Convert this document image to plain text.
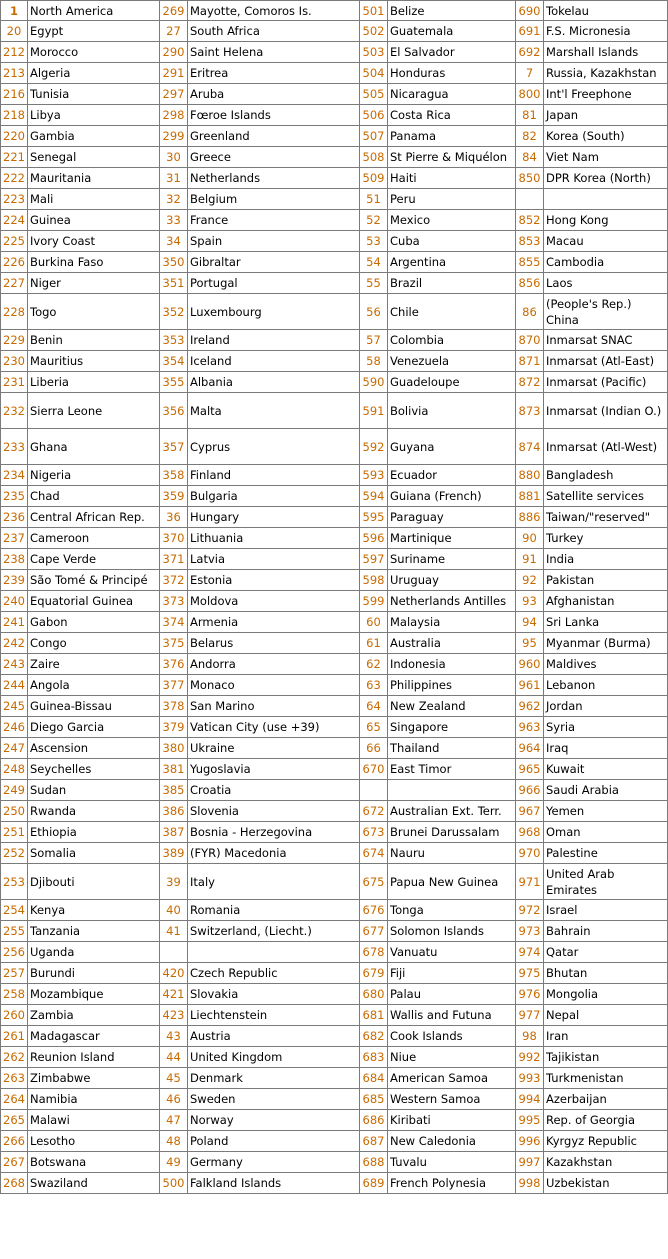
1	North America	269	Mayotte, Comoros Is.	501	Belize	690	Tokelau
20	Egypt	27	South Africa	502	Guatemala	691	F.S. Micronesia
212	Morocco	290	Saint Helena	503	El Salvador	692	Marshall Islands
213	Algeria	291	Eritrea	504	Honduras	7	Russia, Kazakhstan
216	Tunisia	297	Aruba	505	Nicaragua	800	Int'l Freephone
218	Libya	298	Fœroe Islands	506	Costa Rica	81	Japan
220	Gambia	299	Greenland	507	Panama	82	Korea (South)
221	Senegal	30	Greece	508	St Pierre & Miquélon	84	Viet Nam
222	Mauritania	31	Netherlands	509	Haiti	850	DPR Korea (North)
223	Mali	32	Belgium	51	Peru		
224	Guinea	33	France	52	Mexico	852	Hong Kong
225	Ivory Coast	34	Spain	53	Cuba	853	Macau
226	Burkina Faso	350	Gibraltar	54	Argentina	855	Cambodia
227	Niger	351	Portugal	55	Brazil	856	Laos
228	Togo	352	Luxembourg	56	Chile	86	(People's Rep.) China
229	Benin	353	Ireland	57	Colombia	870	Inmarsat SNAC
230	Mauritius	354	Iceland	58	Venezuela	871	Inmarsat (Atl-East)
231	Liberia	355	Albania	590	Guadeloupe	872	Inmarsat (Pacific)
232	Sierra Leone	356	Malta	591	Bolivia	873	Inmarsat (Indian O.)
233	Ghana	357	Cyprus	592	Guyana	874	Inmarsat (Atl-West)
234	Nigeria	358	Finland	593	Ecuador	880	Bangladesh
235	Chad	359	Bulgaria	594	Guiana (French)	881	Satellite services
236	Central African Rep.	36	Hungary	595	Paraguay	886	Taiwan/"reserved"
237	Cameroon	370	Lithuania	596	Martinique	90	Turkey
238	Cape Verde	371	Latvia	597	Suriname	91	India
239	São Tomé & Principé	372	Estonia	598	Uruguay	92	Pakistan
240	Equatorial Guinea	373	Moldova	599	Netherlands Antilles	93	Afghanistan
241	Gabon	374	Armenia	60	Malaysia	94	Sri Lanka
242	Congo	375	Belarus	61	Australia	95	Myanmar (Burma)
243	Zaire	376	Andorra	62	Indonesia	960	Maldives
244	Angola	377	Monaco	63	Philippines	961	Lebanon
245	Guinea-Bissau	378	San Marino	64	New Zealand	962	Jordan
246	Diego Garcia	379	Vatican City (use +39)	65	Singapore	963	Syria
247	Ascension	380	Ukraine	66	Thailand	964	Iraq
248	Seychelles	381	Yugoslavia	670	East Timor	965	Kuwait
249	Sudan	385	Croatia			966	Saudi Arabia
250	Rwanda	386	Slovenia	672	Australian Ext. Terr.	967	Yemen
251	Ethiopia	387	Bosnia - Herzegovina	673	Brunei Darussalam	968	Oman
252	Somalia	389	(FYR) Macedonia	674	Nauru	970	Palestine
253	Djibouti	39	Italy	675	Papua New Guinea	971	United Arab Emirates
254	Kenya	40	Romania	676	Tonga	972	Israel
255	Tanzania	41	Switzerland, (Liecht.)	677	Solomon Islands	973	Bahrain
256	Uganda			678	Vanuatu	974	Qatar
257	Burundi	420	Czech Republic	679	Fiji	975	Bhutan
258	Mozambique	421	Slovakia	680	Palau	976	Mongolia
260	Zambia	423	Liechtenstein	681	Wallis and Futuna	977	Nepal
261	Madagascar	43	Austria	682	Cook Islands	98	Iran
262	Reunion Island	44	United Kingdom	683	Niue	992	Tajikistan
263	Zimbabwe	45	Denmark	684	American Samoa	993	Turkmenistan
264	Namibia	46	Sweden	685	Western Samoa	994	Azerbaijan
265	Malawi	47	Norway	686	Kiribati	995	Rep. of Georgia
266	Lesotho	48	Poland	687	New Caledonia	996	Kyrgyz Republic
267	Botswana	49	Germany	688	Tuvalu	997	Kazakhstan
268	Swaziland	500	Falkland Islands	689	French Polynesia	998	Uzbekistan
